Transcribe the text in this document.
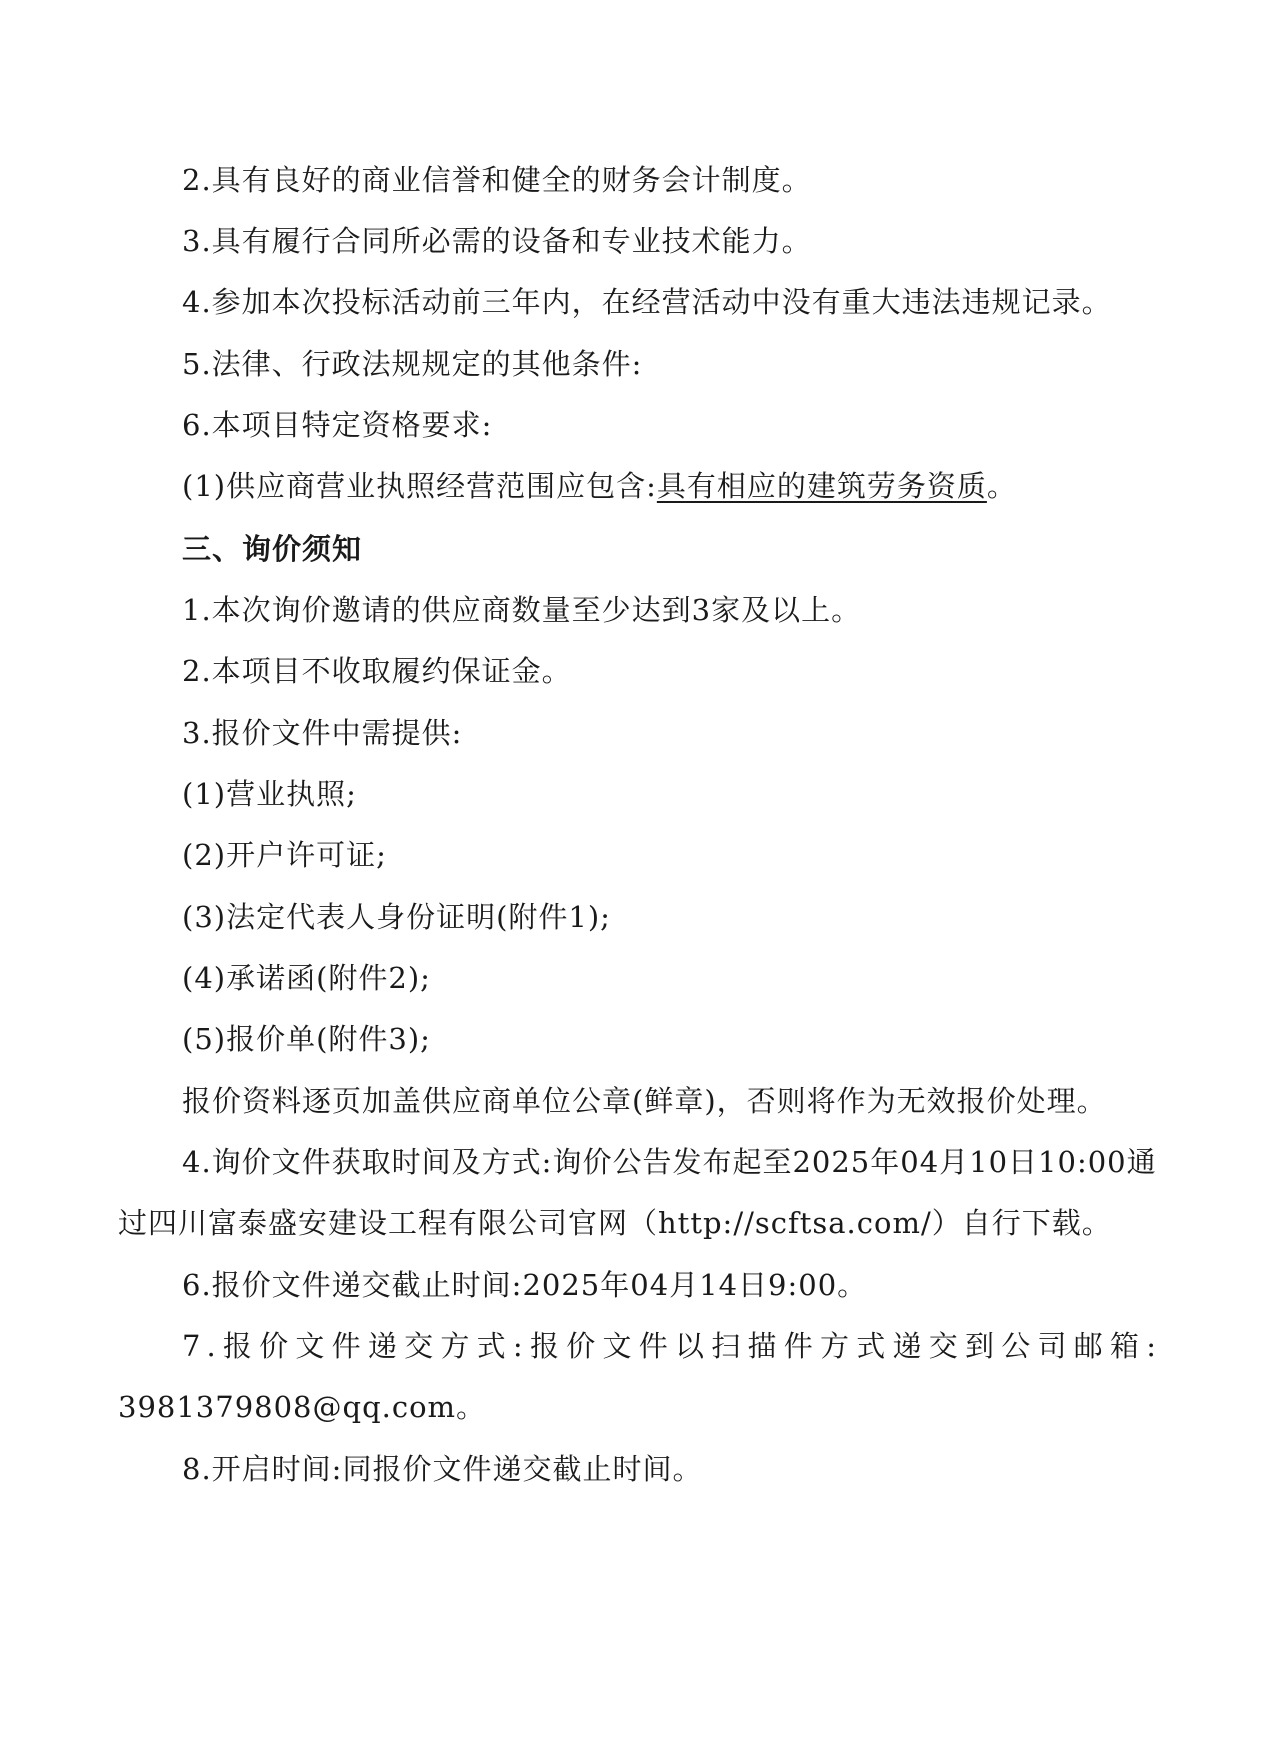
2.具有良好的商业信誉和健全的财务会计制度。
3.具有履行合同所必需的设备和专业技术能力。
4.参加本次投标活动前三年内，在经营活动中没有重大违法违规记录。
5.法律、行政法规规定的其他条件:
6.本项目特定资格要求:
(1)供应商营业执照经营范围应包含:具有相应的建筑劳务资质。
三、询价须知
1.本次询价邀请的供应商数量至少达到3家及以上。
2.本项目不收取履约保证金。
3.报价文件中需提供:
(1)营业执照;
(2)开户许可证;
(3)法定代表人身份证明(附件1);
(4)承诺函(附件2);
(5)报价单(附件3);
报价资料逐页加盖供应商单位公章(鲜章)，否则将作为无效报价处理。
4.询价文件获取时间及方式:询价公告发布起至2025年04月10日10:00通
过四川富泰盛安建设工程有限公司官网（http://scftsa.com/）自行下载。
6.报价文件递交截止时间:2025年04月14日9:00。
7.报价文件递交方式:报价文件以扫描件方式递交到公司邮箱:
3981379808@qq.com。
8.开启时间:同报价文件递交截止时间。
